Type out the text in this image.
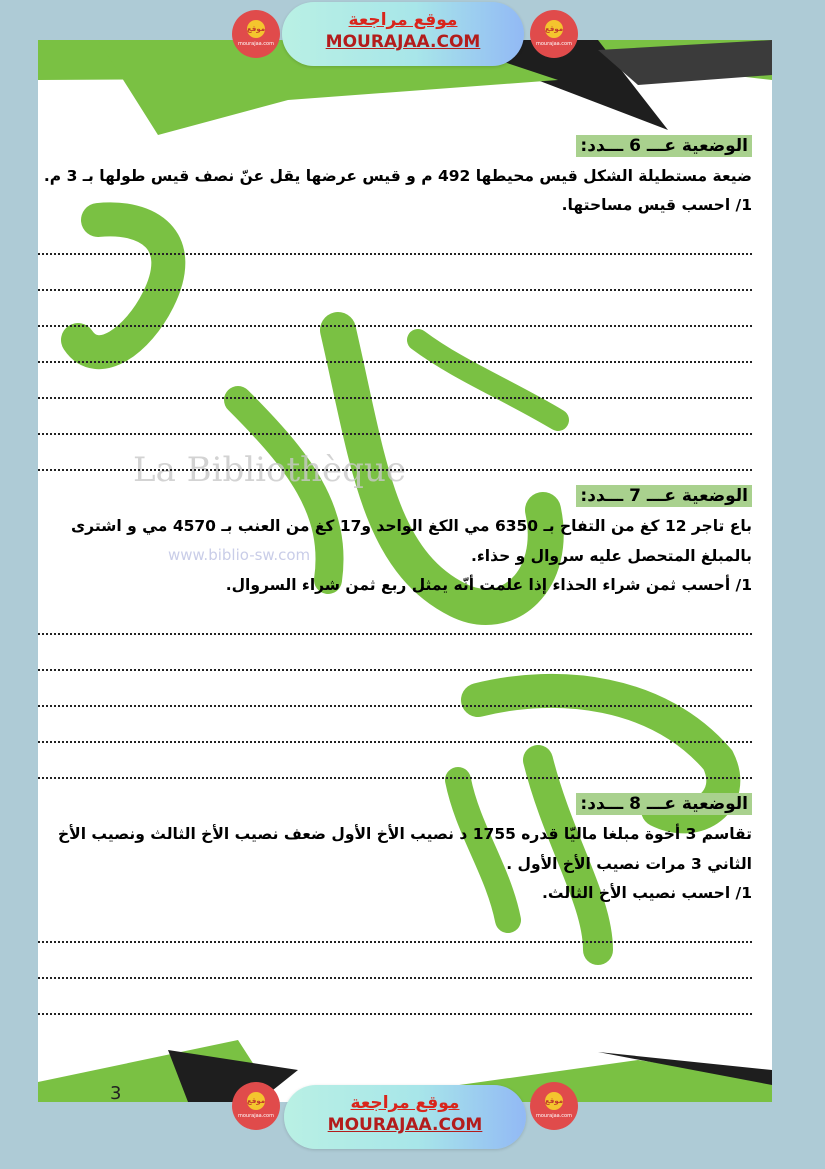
La Bibliothèque
www.biblio-sw.com
الوضعية عـــ 6 ـــدد:
ضيعة مستطيلة الشكل قيس محيطها 492 م و قيس عرضها يقل عنّ نصف قيس طولها بـ 3 م.
1/ احسب قيس مساحتها.
الوضعية عـــ 7 ـــدد:
باع تاجر 12 كغ من التفاح بـ 6350 مي الكغ الواحد و17 كغ من العنب بـ 4570 مي و اشترى بالمبلغ المتحصل عليه سروال و حذاء.
1/ أحسب ثمن شراء الحذاء إذا علمت أنّه يمثل ربع ثمن شراء السروال.
الوضعية عـــ 8 ـــدد:
تقاسم 3 أخوة مبلغا ماليّا قدره 1755 د نصيب الأخ الأول ضعف نصيب الأخ الثالث ونصيب الأخ الثاني 3 مرات نصيب الأخ الأول .
1/ احسب نصيب الأخ الثالث.
3
موقع مراجعة
MOURAJAA.COM
موقع
mourajaa.com
موقع
mourajaa.com
موقع مراجعة
MOURAJAA.COM
موقع
mourajaa.com
موقع
mourajaa.com
